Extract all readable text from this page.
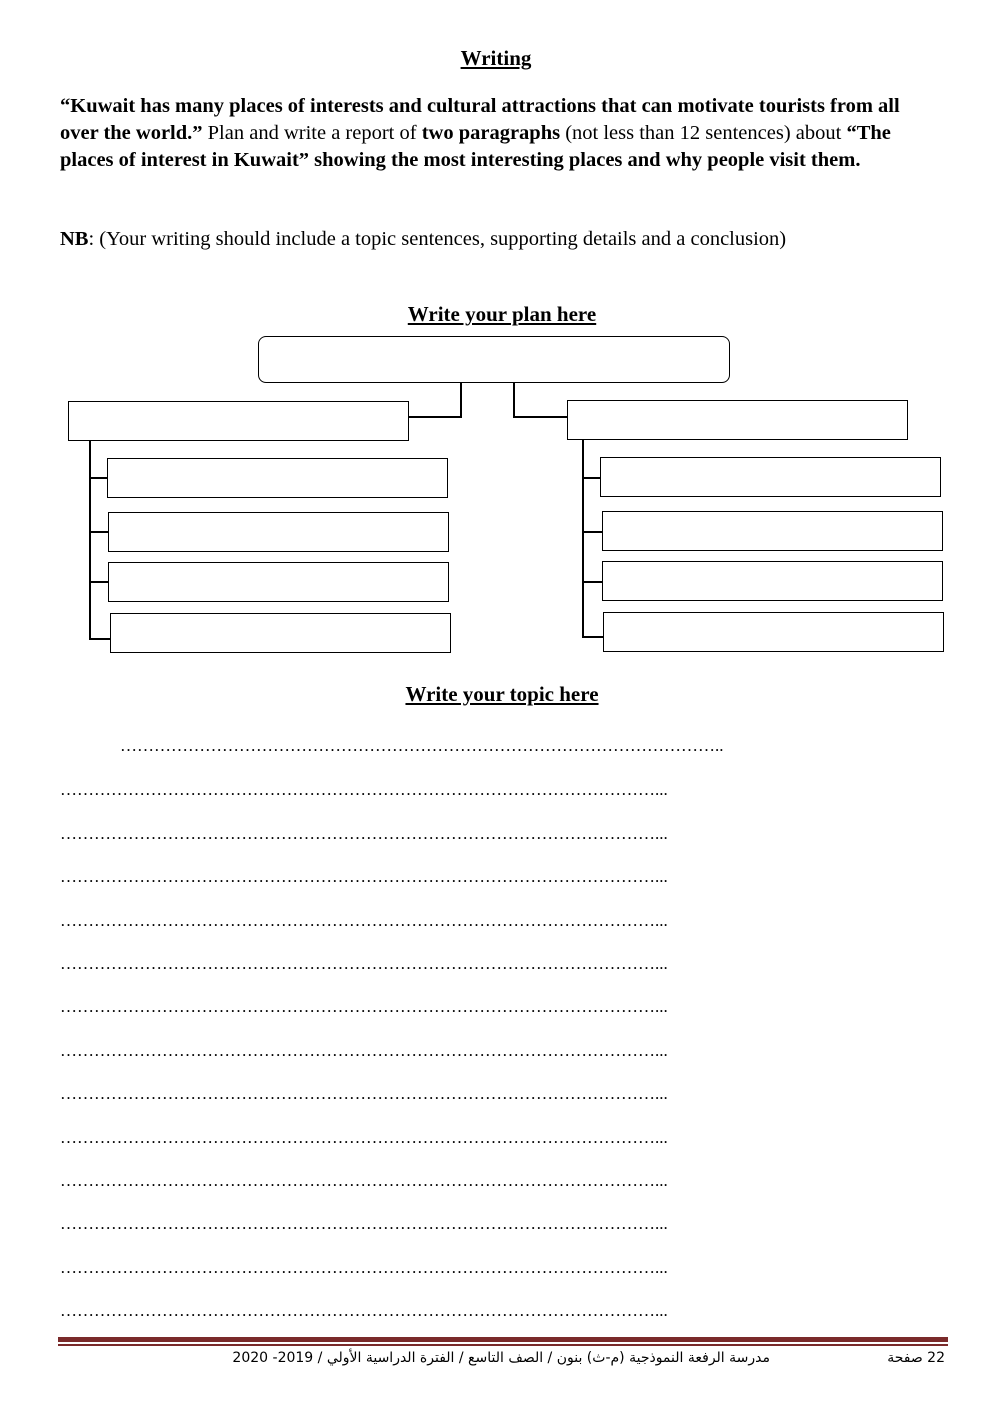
Writing
“Kuwait has many places of interests and cultural attractions that can motivate tourists from all over the world.” Plan and write a report of two paragraphs (not less than 12 sentences) about “The places of interest in Kuwait” showing the most interesting places and why people visit them.
NB: (Your writing should include a topic sentences, supporting details and a conclusion)
Write your plan here
Write your topic here
……………………………………………………………………………………………..
……………………………………………………………………………………………...
……………………………………………………………………………………………...
……………………………………………………………………………………………...
……………………………………………………………………………………………...
……………………………………………………………………………………………...
……………………………………………………………………………………………...
……………………………………………………………………………………………...
……………………………………………………………………………………………...
……………………………………………………………………………………………...
……………………………………………………………………………………………...
……………………………………………………………………………………………...
……………………………………………………………………………………………...
……………………………………………………………………………………………...
مدرسة الرفعة النموذجية (م-ث) بنون / الصف التاسع / الفترة الدراسية الأولي / 2019- 2020	22 صفحة
